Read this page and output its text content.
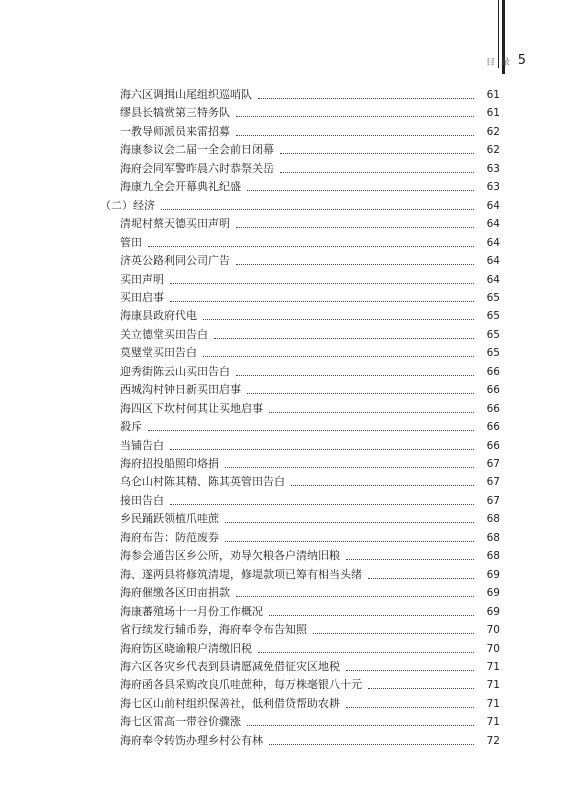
目录 5
海六区调揖山尾组织巡哨队	61
缪县长犒赏第三特务队	61
一教导师派员来雷招募	62
海康参议会二届一全会前日闭幕	62
海府会同军警昨晨六时恭祭关岳	63
海康九全会开幕典礼纪盛	63
（二）经济	64
清坭村蔡天德买田声明	64
管田	64
济英公路利同公司广告	64
买田声明	64
买田启事	65
海康县政府代电	65
关立德堂买田告白	65
莫璧堂买田告白	65
迎秀街陈云山买田告白	66
西城沟村钟日新买田启事	66
海四区下坎村何其让买地启事	66
殺斥	66
当铺告白	66
海府招投船照印烙捐	67
乌仑山村陈其精、陈其英管田告白	67
接田告白	67
乡民踊跃领植爪哇蔗	68
海府布告：防范废券	68
海参会通告区乡公所，劝导欠粮各户清纳旧粮	68
海、遂两县将修筑清堤，修堤款项已筹有相当头绪	69
海府催缴各区田亩捐款	69
海康蕃殖场十一月份工作概况	69
省行续发行辅币券，海府奉令布告知照	70
海府饬区晓谕粮户清缴旧税	70
海六区各灾乡代表到县请愿减免借征灾区地税	71
海府函各县采购改良爪哇蔗种，每万株毫银八十元	71
海七区山前村组织保善社，低利借贷帮助农耕	71
海七区雷高一带谷价骤涨	71
海府奉令转饬办理乡村公有林	72
